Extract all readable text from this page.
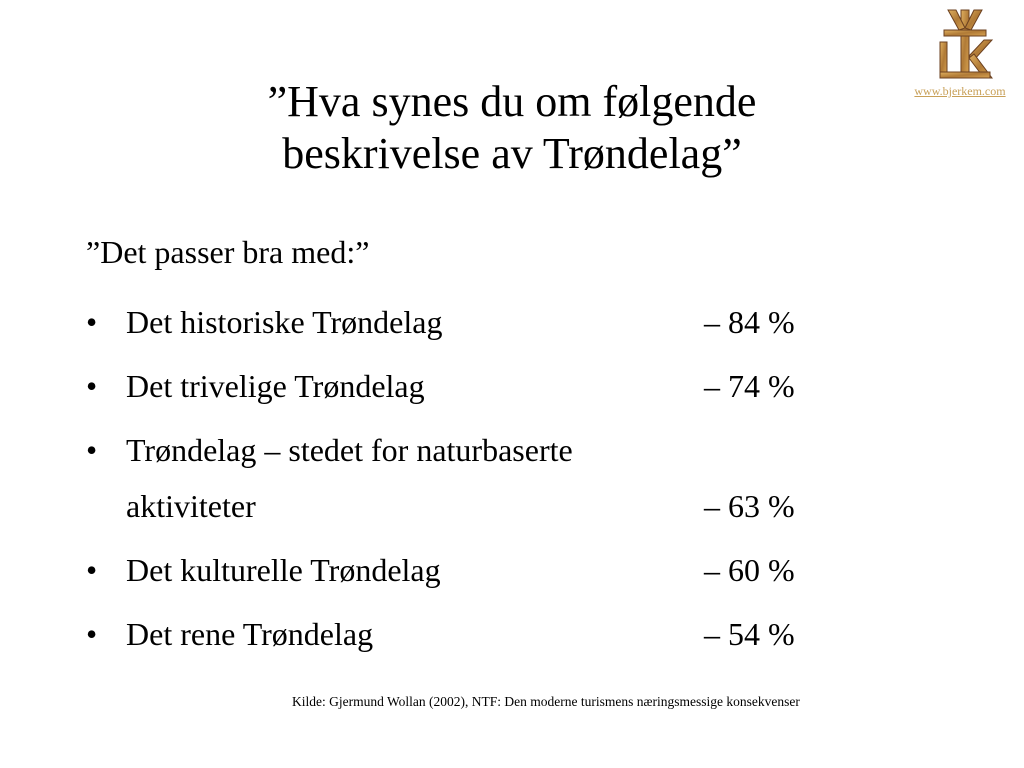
www.bjerkem.com
”Hva synes du om følgende
beskrivelse av Trøndelag”
”Det passer bra med:”
• Det historiske Trøndelag	– 84 %
• Det trivelige Trøndelag	– 74 %
• Trøndelag – stedet for naturbaserte
aktiviteter	– 63 %
• Det kulturelle Trøndelag	– 60 %
• Det rene Trøndelag	– 54 %
Kilde: Gjermund Wollan (2002), NTF: Den moderne turismens næringsmessige konsekvenser
